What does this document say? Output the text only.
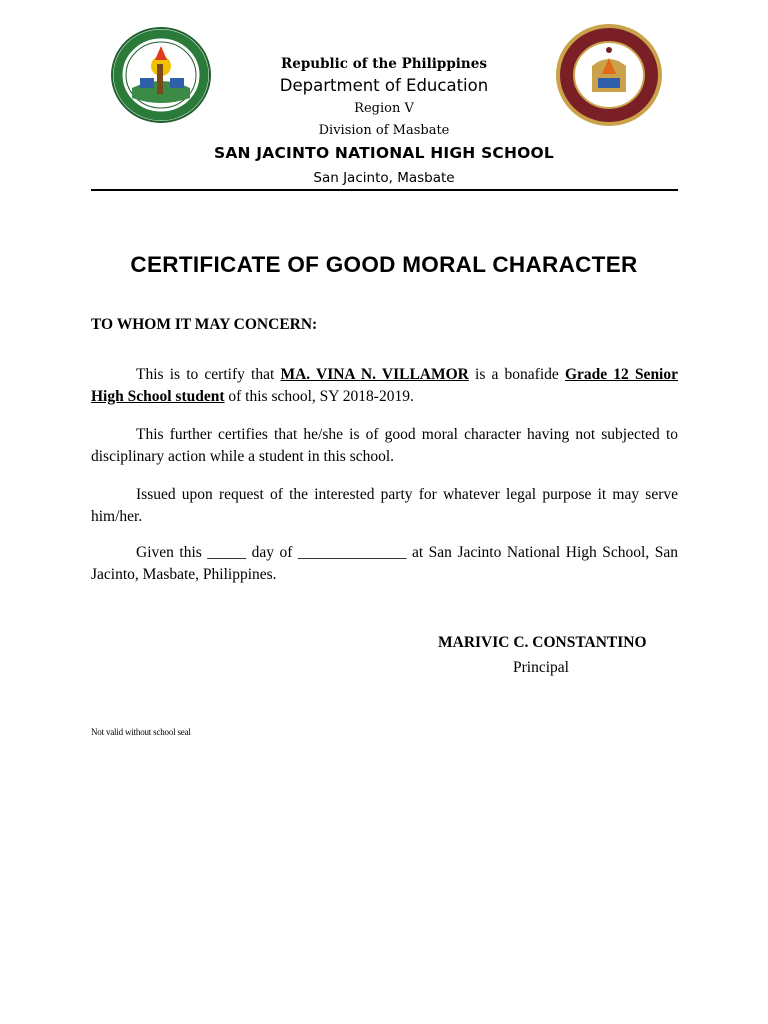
Republic of the Philippines
Department of Education
Region V
Division of Masbate
SAN JACINTO NATIONAL HIGH SCHOOL
San Jacinto, Masbate
CERTIFICATE OF GOOD MORAL CHARACTER
TO WHOM IT MAY CONCERN:
This is to certify that MA. VINA N. VILLAMOR is a bonafide Grade 12 Senior High School student of this school, SY 2018-2019.
This further certifies that he/she is of good moral character having not subjected to disciplinary action while a student in this school.
Issued upon request of the interested party for whatever legal purpose it may serve him/her.
Given this _____ day of ______________ at San Jacinto National High School, San Jacinto, Masbate, Philippines.
MARIVIC C. CONSTANTINO
Principal
Not valid without school seal
